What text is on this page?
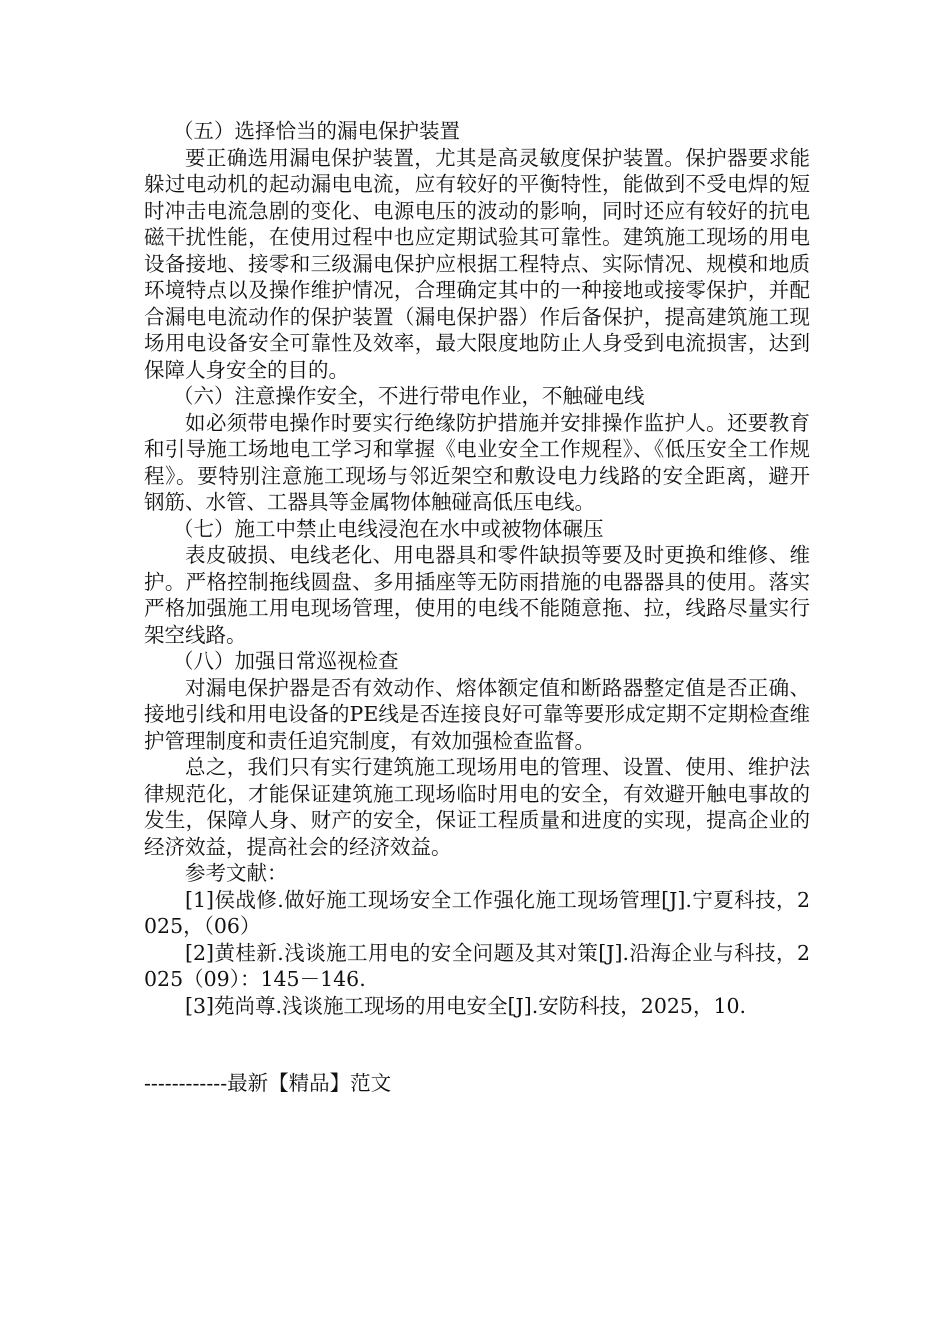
（五）选择恰当的漏电保护装置

要正确选用漏电保护装置，尤其是高灵敏度保护装置。保护器要求能躲过电动机的起动漏电电流，应有较好的平衡特性，能做到不受电焊的短时冲击电流急剧的变化、电源电压的波动的影响，同时还应有较好的抗电磁干扰性能，在使用过程中也应定期试验其可靠性。建筑施工现场的用电设备接地、接零和三级漏电保护应根据工程特点、实际情况、规模和地质环境特点以及操作维护情况，合理确定其中的一种接地或接零保护，并配合漏电电流动作的保护装置（漏电保护器）作后备保护，提高建筑施工现场用电设备安全可靠性及效率，最大限度地防止人身受到电流损害，达到保障人身安全的目的。

（六）注意操作安全，不进行带电作业，不触碰电线

如必须带电操作时要实行绝缘防护措施并安排操作监护人。还要教育和引导施工场地电工学习和掌握《电业安全工作规程》、《低压安全工作规程》。要特别注意施工现场与邻近架空和敷设电力线路的安全距离，避开钢筋、水管、工器具等金属物体触碰高低压电线。

（七）施工中禁止电线浸泡在水中或被物体碾压

表皮破损、电线老化、用电器具和零件缺损等要及时更换和维修、维护。严格控制拖线圆盘、多用插座等无防雨措施的电器器具的使用。落实严格加强施工用电现场管理，使用的电线不能随意拖、拉，线路尽量实行架空线路。

（八）加强日常巡视检查

对漏电保护器是否有效动作、熔体额定值和断路器整定值是否正确、接地引线和用电设备的PE线是否连接良好可靠等要形成定期不定期检查维护管理制度和责任追究制度，有效加强检查监督。

总之，我们只有实行建筑施工现场用电的管理、设置、使用、维护法律规范化，才能保证建筑施工现场临时用电的安全，有效避开触电事故的发生，保障人身、财产的安全，保证工程质量和进度的实现，提高企业的经济效益，提高社会的经济效益。

参考文献：

[1]侯战修.做好施工现场安全工作强化施工现场管理[J].宁夏科技，2025，（06）

[2]黄桂新.浅谈施工用电的安全问题及其对策[J].沿海企业与科技，2025（09）：145－146.

[3]苑尚尊.浅谈施工现场的用电安全[J].安防科技，2025，10.

------------最新【精品】范文
